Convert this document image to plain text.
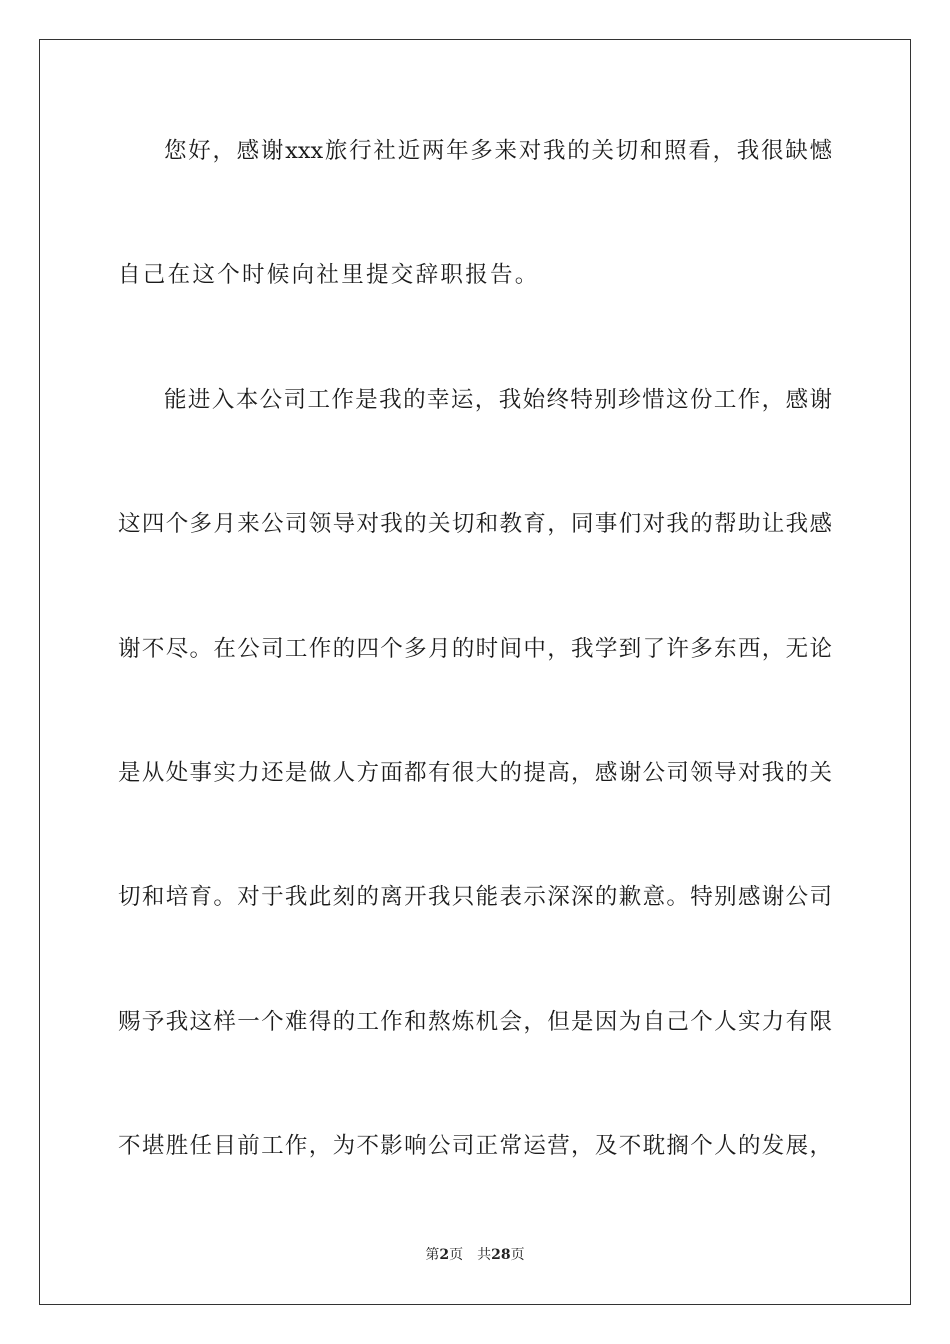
您好，感谢xxx旅行社近两年多来对我的关切和照看，我很缺憾
自己在这个时候向社里提交辞职报告。
能进入本公司工作是我的幸运，我始终特别珍惜这份工作，感谢
这四个多月来公司领导对我的关切和教育，同事们对我的帮助让我感
谢不尽。在公司工作的四个多月的时间中，我学到了许多东西，无论
是从处事实力还是做人方面都有很大的提高，感谢公司领导对我的关
切和培育。对于我此刻的离开我只能表示深深的歉意。特别感谢公司
赐予我这样一个难得的工作和熬炼机会，但是因为自己个人实力有限
不堪胜任目前工作，为不影响公司正常运营，及不耽搁个人的发展，
第2页 共28页
